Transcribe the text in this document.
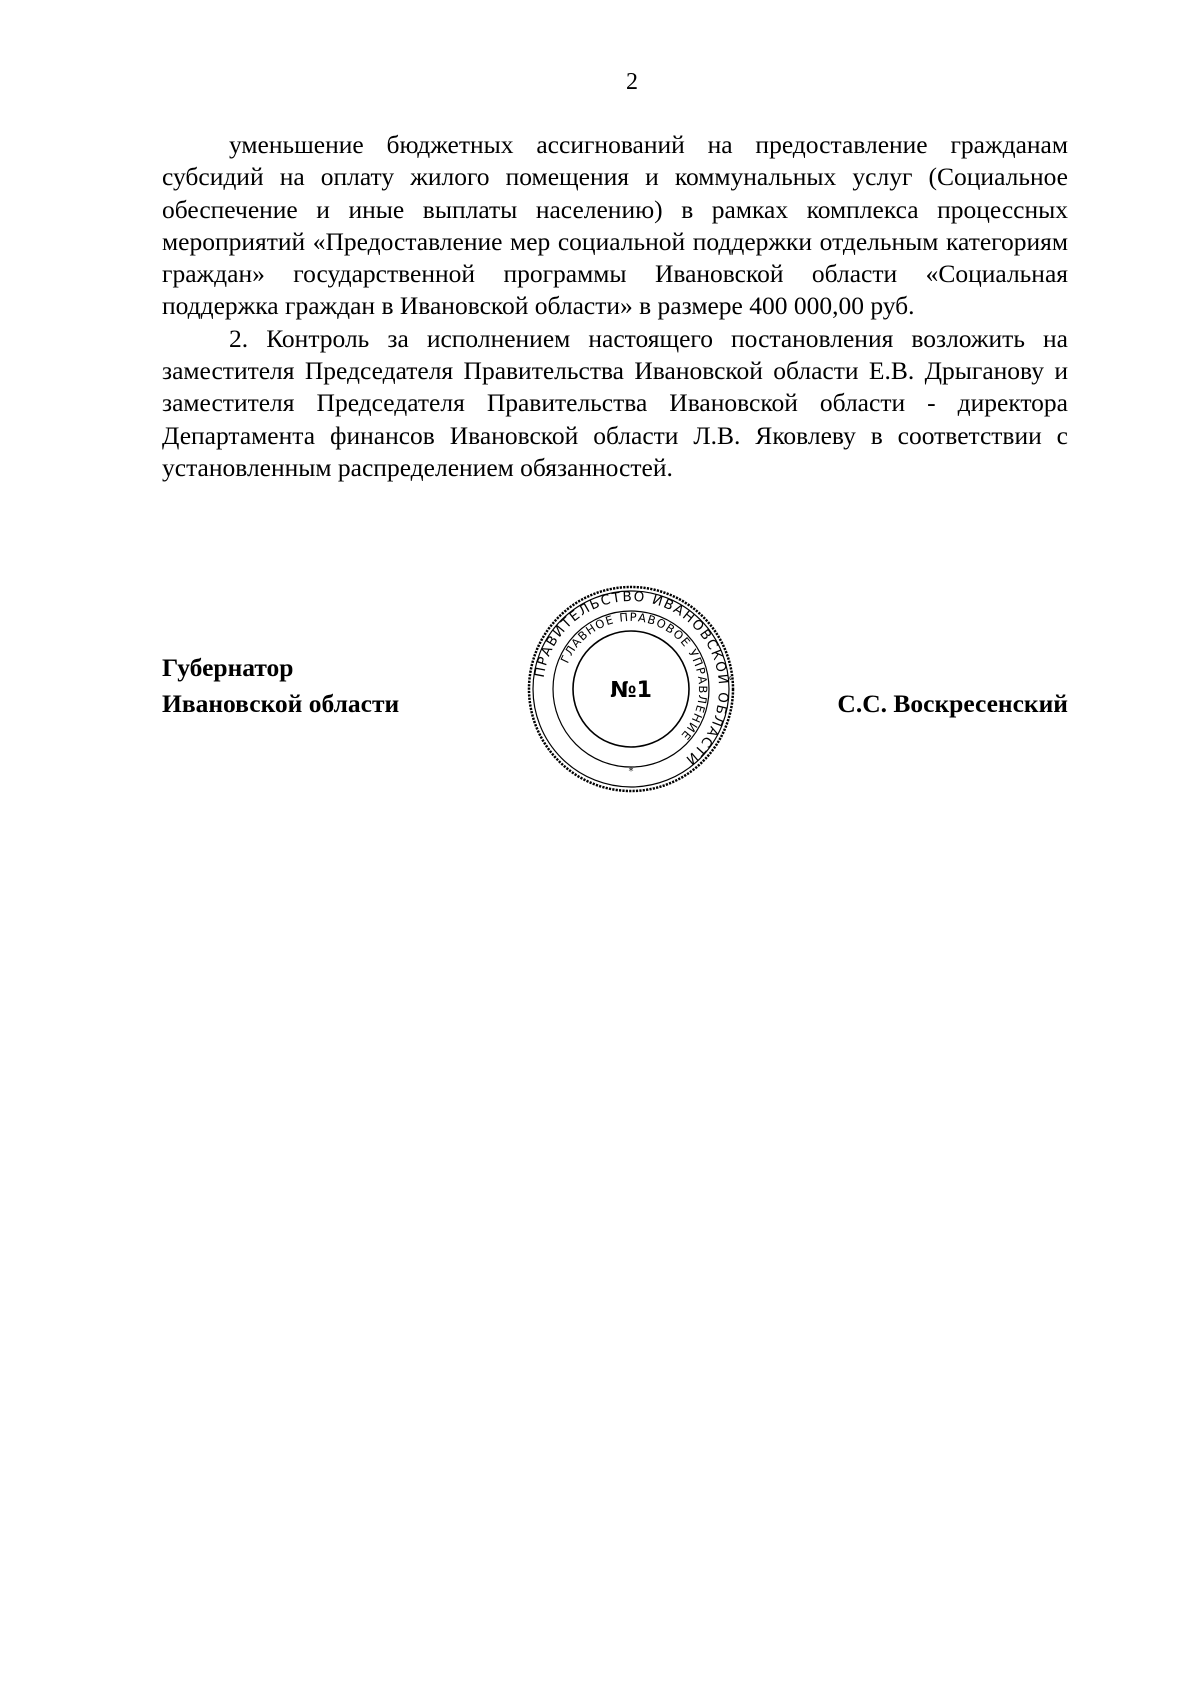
2

уменьшение бюджетных ассигнований на предоставление гражданам субсидий на оплату жилого помещения и коммунальных услуг (Социальное обеспечение и иные выплаты населению) в рамках комплекса процессных мероприятий «Предоставление мер социальной поддержки отдельным категориям граждан» государственной программы Ивановской области «Социальная поддержка граждан в Ивановской области» в размере 400 000,00 руб.

2. Контроль за исполнением настоящего постановления возложить на заместителя Председателя Правительства Ивановской области Е.В. Дрыганову и заместителя Председателя Правительства Ивановской области - директора Департамента финансов Ивановской области Л.В. Яковлеву в соответствии с установленным распределением обязанностей.

Губернатор
Ивановской области	С.С. Воскресенский
ПРАВИТЕЛЬСТВО ИВАНОВСКОЙ ОБЛАСТИ
ГЛАВНОЕ ПРАВОВОЕ УПРАВЛЕНИЕ
№1
*
